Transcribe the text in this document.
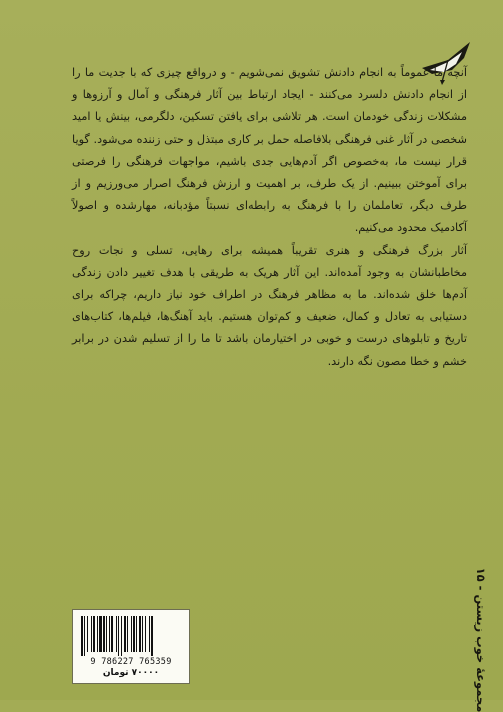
آنچه ما عموماً به انجام دادنش تشویق نمی‌شویم - و درواقع چیزی که با جدیت ما را از انجام دادنش دلسرد می‌کنند - ایجاد ارتباط بین آثار فرهنگی و آمال و آرزوها و مشکلات زندگی خودمان است. هر تلاشی برای یافتن تسکین، دلگرمی، بینش یا امید شخصی در آثار غنی فرهنگی بلافاصله حمل بر کاری مبتذل و حتی زننده می‌شود. گویا قرار نیست ما، به‌خصوص اگر آدم‌هایی جدی باشیم، مواجهات فرهنگی را فرصتی برای آموختن ببینیم. از یک طرف، بر اهمیت و ارزش فرهنگ اصرار می‌ورزیم و از طرف دیگر، تعاملمان را با فرهنگ به رابطه‌ای نسبتاً مؤدبانه، مهارشده و اصولاً آکادمیک محدود می‌کنیم.

آثار بزرگ فرهنگی و هنری تقریباً همیشه برای رهایی، تسلی و نجات روح مخاطبانشان به وجود آمده‌اند. این آثار هریک به طریقی با هدف تغییر دادن زندگی آدم‌ها خلق شده‌اند. ما به مظاهر فرهنگ در اطراف خود نیاز داریم، چراکه برای دستیابی به تعادل و کمال، ضعیف و کم‌توان هستیم. باید آهنگ‌ها، فیلم‌ها، کتاب‌های تاریخ و تابلوهای درست و خوبی در اختیارمان باشد تا ما را از تسلیم شدن در برابر خشم و خطا مصون نگه دارند.

9 786227 765359
۷۰۰۰۰ تومان
مجموعهٔ خوب زیستن - ۱۵
